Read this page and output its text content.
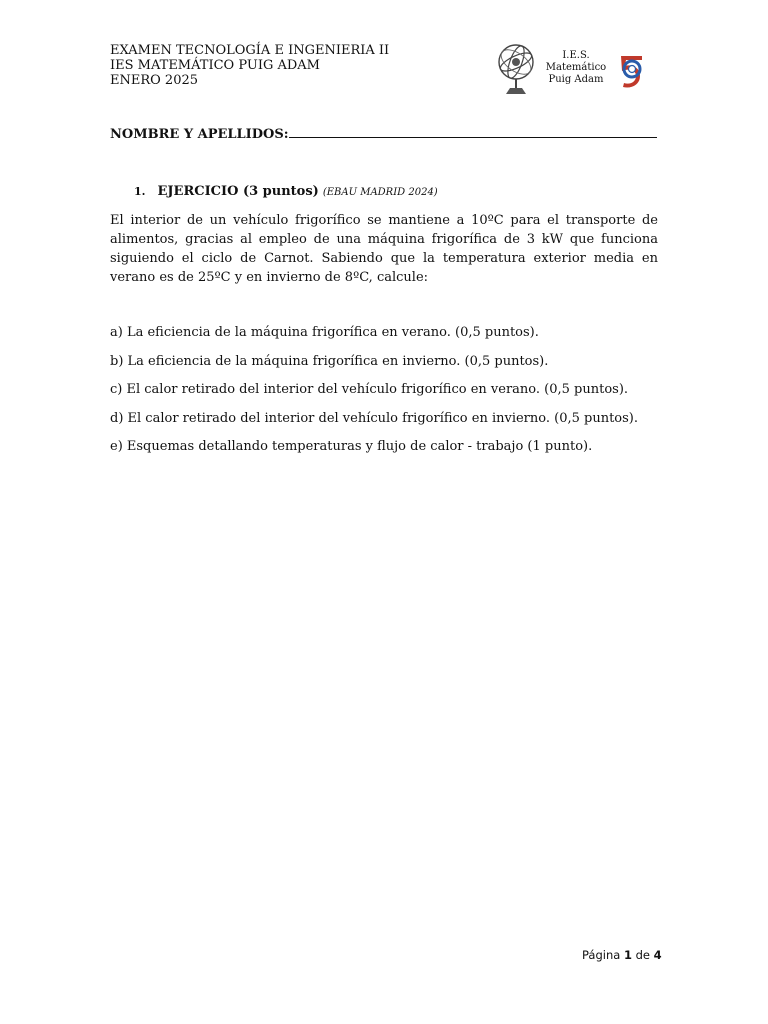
EXAMEN TECNOLOGÍA E INGENIERIA II
IES MATEMÁTICO PUIG ADAM
ENERO 2025
I.E.S.
Matemático
Puig Adam
NOMBRE Y APELLIDOS:
1. EJERCICIO (3 puntos) (EBAU MADRID 2024)
El interior de un vehículo frigorífico se mantiene a 10ºC para el transporte de alimentos, gracias al empleo de una máquina frigorífica de 3 kW que funciona siguiendo el ciclo de Carnot. Sabiendo que la temperatura exterior media en verano es de 25ºC y en invierno de 8ºC, calcule:
a) La eficiencia de la máquina frigorífica en verano. (0,5 puntos).
b) La eficiencia de la máquina frigorífica en invierno. (0,5 puntos).
c) El calor retirado del interior del vehículo frigorífico en verano. (0,5 puntos).
d) El calor retirado del interior del vehículo frigorífico en invierno. (0,5 puntos).
e) Esquemas detallando temperaturas y flujo de calor - trabajo (1 punto).
Página 1 de 4
